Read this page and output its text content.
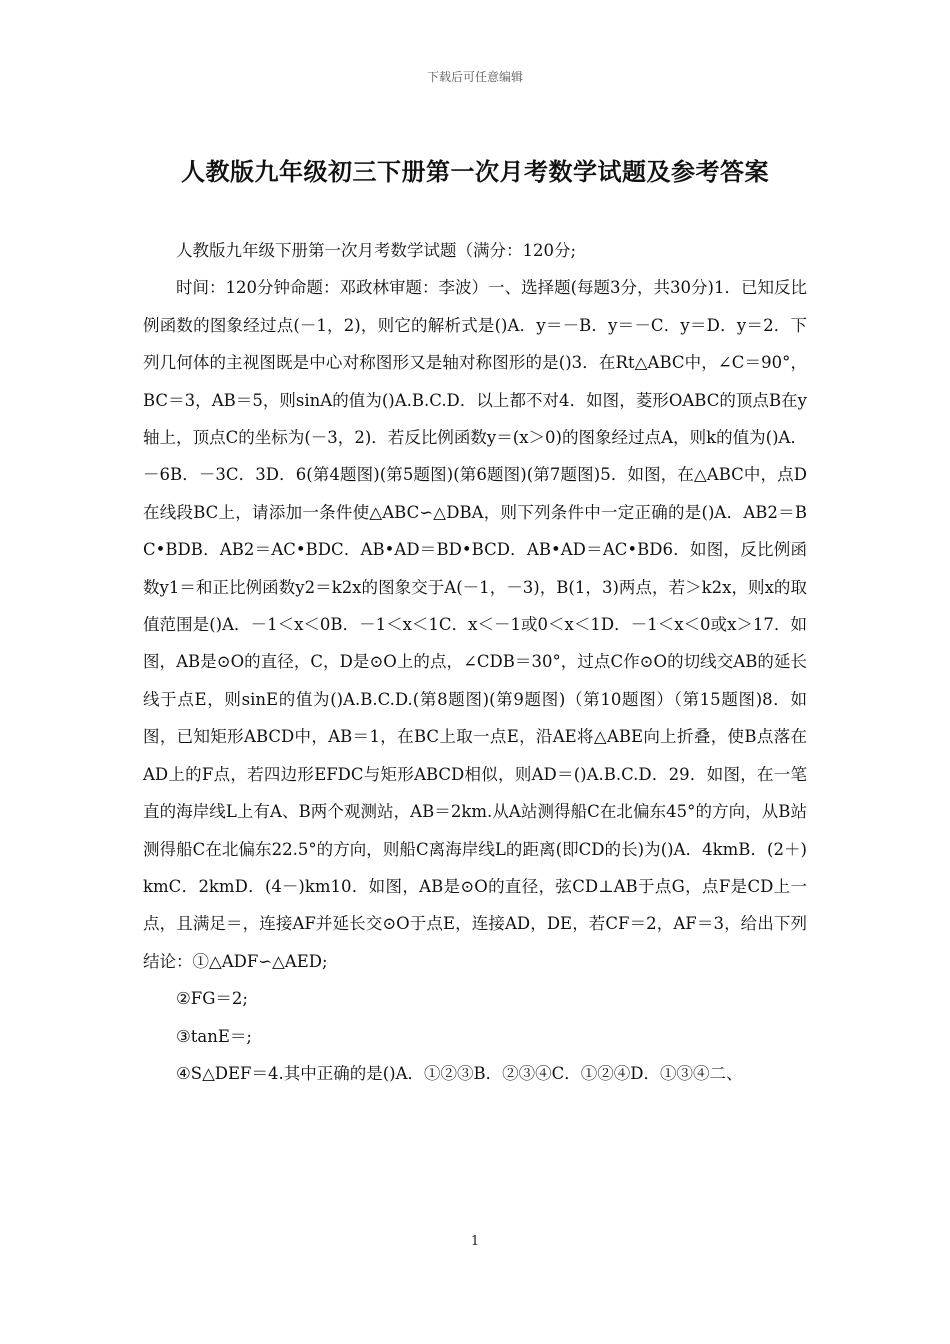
下载后可任意编辑
人教版九年级初三下册第一次月考数学试题及参考答案

人教版九年级下册第一次月考数学试题（满分：120分;

时间：120分钟命题：邓政林审题：李波）一、选择题(每题3分，共30分)1．已知反比例函数的图象经过点(－1，2)，则它的解析式是()A．y＝－B．y＝－C．y＝D．y＝2．下列几何体的主视图既是中心对称图形又是轴对称图形的是()3．在Rt△ABC中，∠C＝90°，BC＝3，AB＝5，则sinA的值为()A.B.C.D．以上都不对4．如图，菱形OABC的顶点B在y轴上，顶点C的坐标为(－3，2)．若反比例函数y＝(x＞0)的图象经过点A，则k的值为()A．－6B．－3C．3D．6(第4题图)(第5题图)(第6题图)(第7题图)5．如图，在△ABC中，点D在线段BC上，请添加一条件使△ABC∽△DBA，则下列条件中一定正确的是()A．AB2＝BC•BDB．AB2＝AC•BDC．AB•AD＝BD•BCD．AB•AD＝AC•BD6．如图，反比例函数y1＝和正比例函数y2＝k2x的图象交于A(－1，－3)，B(1，3)两点，若＞k2x，则x的取值范围是()A．－1＜x＜0B．－1＜x＜1C．x＜－1或0＜x＜1D．－1＜x＜0或x＞17．如图，AB是⊙O的直径，C，D是⊙O上的点，∠CDB＝30°，过点C作⊙O的切线交AB的延长线于点E，则sinE的值为()A.B.C.D.(第8题图)(第9题图)（第10题图）（第15题图)8．如图，已知矩形ABCD中，AB＝1，在BC上取一点E，沿AE将△ABE向上折叠，使B点落在AD上的F点，若四边形EFDC与矩形ABCD相似，则AD＝()A.B.C.D．29．如图，在一笔直的海岸线L上有A、B两个观测站，AB＝2km.从A站测得船C在北偏东45°的方向，从B站测得船C在北偏东22.5°的方向，则船C离海岸线L的距离(即CD的长)为()A．4kmB．(2＋)kmC．2kmD．(4－)km10．如图，AB是⊙O的直径，弦CD⊥AB于点G，点F是CD上一点，且满足＝，连接AF并延长交⊙O于点E，连接AD，DE，若CF＝2，AF＝3，给出下列结论：①△ADF∽△AED;

②FG＝2;

③tanE＝;

④S△DEF＝4.其中正确的是()A．①②③B．②③④C．①②④D．①③④二、

1
